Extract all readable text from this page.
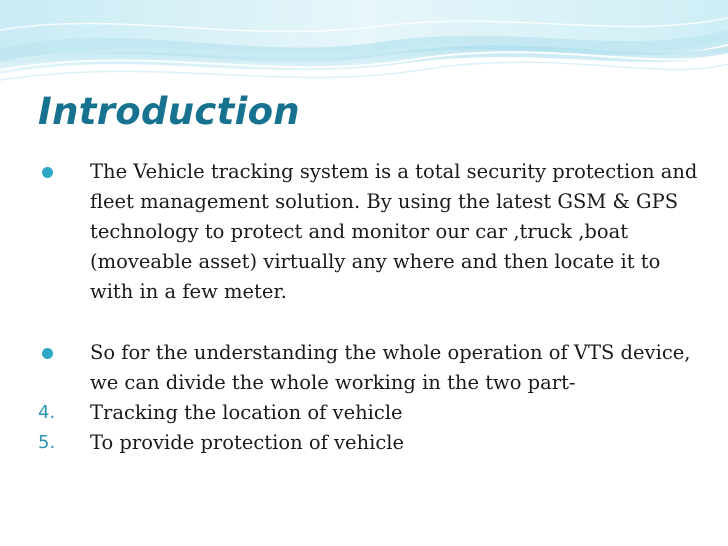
Introduction
The Vehicle tracking system is a total security protection and fleet management solution. By using the latest GSM & GPS technology to protect and monitor our car ,truck ,boat (moveable asset) virtually any where and then locate it to with in a few meter.
So for the understanding the whole operation of VTS device, we can divide the whole working in the two part-
4. Tracking the location of vehicle
5. To provide protection of vehicle
